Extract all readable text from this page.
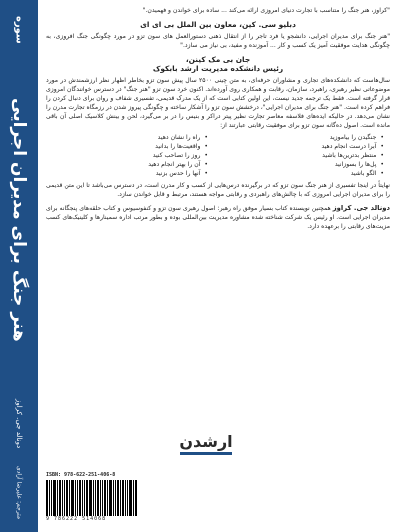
سوره
هنر جنگ برای مدیران اجرایی
دونالد جی. کراوز
مترجم: علیرضا آزادی

"کراوز، هنر جنگ را متناسب با تجارت دنیای امروزی ارائه می‌کند ... ساده برای خواندن و فهمیدن."

دبلیو سی. کین، معاون بین الملل بی ای ای

"هنر جنگ برای مدیران اجرایی، دانشجو یا فرد تاجر را از انتقال ذهنی دستورالعمل های سون تزو در مورد چگونگی جنگ افروزی، به چگونگی هدایت موفقیت آمیز یک کسب و کار ... آموزنده و مفید، بی نیاز می سازد."

جان بی مک کینن،
رئیس دانشکده مدیریت ارشد بابکوک

سال‌هاست که دانشکده‌های تجاری و مشاوران حرفه‌ای، به متن چینی ۲۵۰۰ سال پیش سون تزو بخاطر اظهار نظر ارزشمندش در مورد موضوعاتی نظیر رهبری، راهبرد، سازمان، رقابت و همکاری روی آورده‌اند. اکنون خرد سون تزو "هنر جنگ" در دسترس خوانندگان امروزی قرار گرفته است. فقط یک ترجمه جدید نیست، این اولین کتابی است که از یک مدرک قدیمی، تفسیری شفاف و روان برای دنبال کردن را فراهم کرده است. "هنر جنگ برای مدیران اجرایی"، درخشش سون تزو را آشکار ساخته و چگونگی پیروز شدن در رزمگاه تجارت مدرن را نشان می‌دهد. در حالیکه ایده‌های فلاسفه معاصر تجارت نظیر پیتر دراکر و بنیس را در بر می‌گیرد، لحن و بینش کلاسیک اصلی آن باقی مانده است. اصول ده‌گانه سون تزو برای موفقیت رقابتی عبارتند از:

• جنگیدن را بیاموزید
• راه را نشان دهید
• آبرا درست انجام دهید
• واقعیت‌ها را بدانید
• منتظر بدترین‌ها باشید
• روز را تصاحب کنید
• پل‌ها را بسوزانید
• آن را بهتر انجام دهید
• الگو باشید
• آنها را حدس بزنید

نهایتاً در اینجا تفسیری از هنر جنگ سون تزو که در برگیرنده درس‌هایی از کسب و کار مدرن است، در دسترس می‌باشد تا این متن قدیمی را برای مدیران اجرایی امروزی که با چالش‌های راهبردی و رقابتی مواجه هستند، مرتبط و قابل خواندن سازد.

دونالد جی. کراوز همچنین نویسنده کتاب بسیار موفق راه رهبر: اصول رهبری سون تزو و کنفوسیوس و کتاب حلقه‌های پنجگانه برای مدیران اجرایی است. او رئیس یک شرکت شناخته شده مشاوره مدیریت بین‌المللی بوده و بطور مرتب اداره سمینارها و کلینیک‌های کسب مزیت‌های رقابتی را برعهده دارد.

ارشدن
ISBN: 978-622-251-406-8
9 786222 514068
